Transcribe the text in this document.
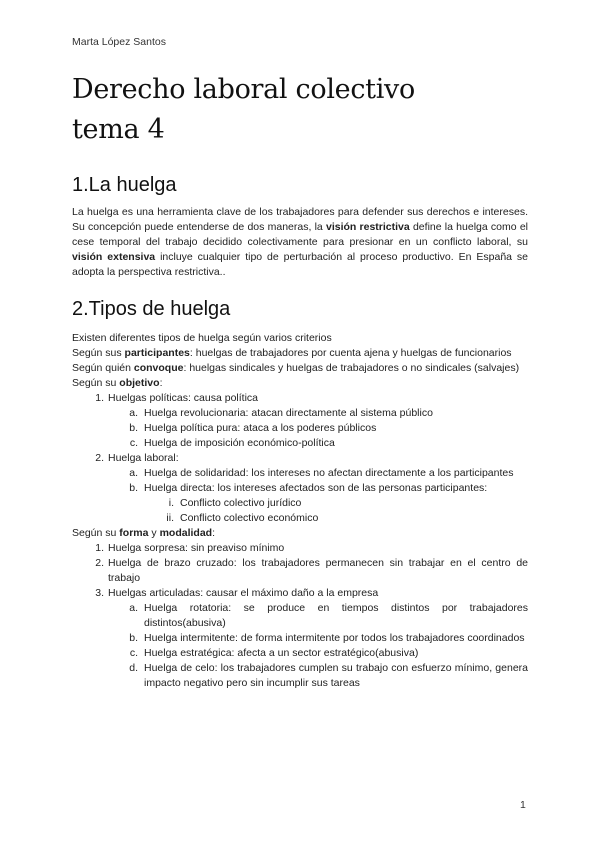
Marta López Santos
Derecho laboral colectivo
tema 4
1.La huelga

La huelga es una herramienta clave de los trabajadores para defender sus derechos e intereses. Su concepción puede entenderse de dos maneras, la visión restrictiva define la huelga como el cese temporal del trabajo decidido colectivamente para presionar en un conflicto laboral, su visión extensiva incluye cualquier tipo de perturbación al proceso productivo. En España se adopta la perspectiva restrictiva..

2.Tipos de huelga

Existen diferentes tipos de huelga según varios criterios

Según sus participantes: huelgas de trabajadores por cuenta ajena y huelgas de funcionarios

Según quién convoque: huelgas sindicales y huelgas de trabajadores o no sindicales (salvajes)

Según su objetivo:

1. Huelgas políticas: causa política
a. Huelga revolucionaria: atacan directamente al sistema público
b. Huelga política pura: ataca a los poderes públicos
c. Huelga de imposición económico-política
2. Huelga laboral:
a. Huelga de solidaridad: los intereses no afectan directamente a los participantes
b. Huelga directa: los intereses afectados son de las personas participantes:
i. Conflicto colectivo jurídico
ii. Conflicto colectivo económico

Según su forma y modalidad:

1. Huelga sorpresa: sin preaviso mínimo
2. Huelga de brazo cruzado: los trabajadores permanecen sin trabajar en el centro de trabajo
3. Huelgas articuladas: causar el máximo daño a la empresa
a. Huelga rotatoria: se produce en tiempos distintos por trabajadores distintos(abusiva)
b. Huelga intermitente: de forma intermitente por todos los trabajadores coordinados
c. Huelga estratégica: afecta a un sector estratégico(abusiva)
d. Huelga de celo: los trabajadores cumplen su trabajo con esfuerzo mínimo, genera impacto negativo pero sin incumplir sus tareas
1
